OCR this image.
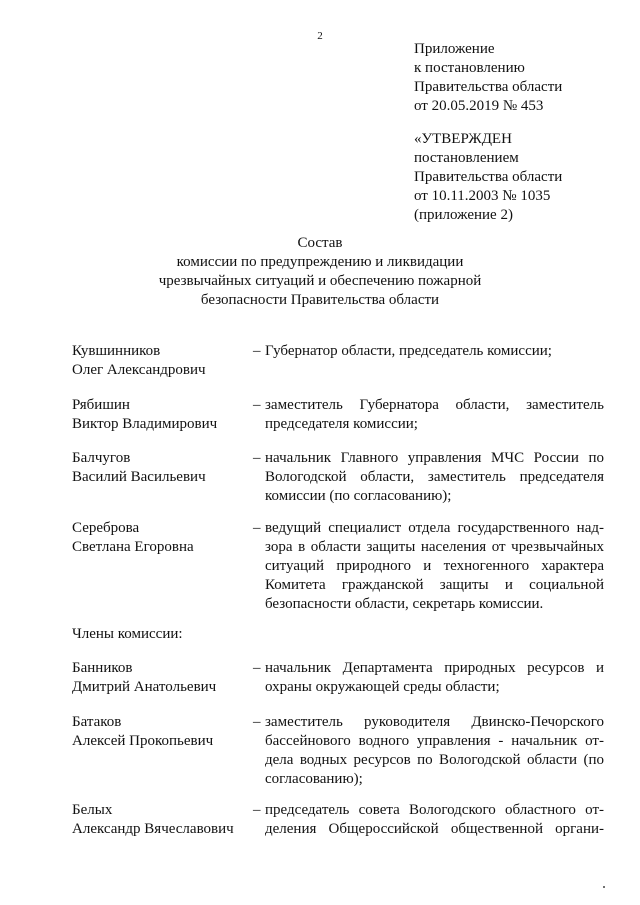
2
Приложение
к постановлению
Правительства области
от 20.05.2019 № 453
«УТВЕРЖДЕН
постановлением
Правительства области
от 10.11.2003 № 1035
(приложение 2)
Состав
комиссии по предупреждению и ликвидации
чрезвычайных ситуаций и обеспечению пожарной
безопасности Правительства области
Кувшинников
Олег Александрович
– Губернатор области, председатель комиссии;
Рябишин
Виктор Владимирович
– заместитель Губернатора области, заместитель
председателя комиссии;
Балчугов
Василий Васильевич
– начальник Главного управления МЧС России по
Вологодской области, заместитель председателя
комиссии (по согласованию);
Сереброва
Светлана Егоровна
– ведущий специалист отдела государственного над-
зора в области защиты населения от чрезвычайных
ситуаций природного и техногенного характера
Комитета гражданской защиты и социальной
безопасности области, секретарь комиссии.
Члены комиссии:
Банников
Дмитрий Анатольевич
– начальник Департамента природных ресурсов и
охраны окружающей среды области;
Батаков
Алексей Прокопьевич
– заместитель руководителя Двинско-Печорского
бассейнового водного управления - начальник от-
дела водных ресурсов по Вологодской области (по
согласованию);
Белых
Александр Вячеславович
– председатель совета Вологодского областного от-
деления Общероссийской общественной органи-
